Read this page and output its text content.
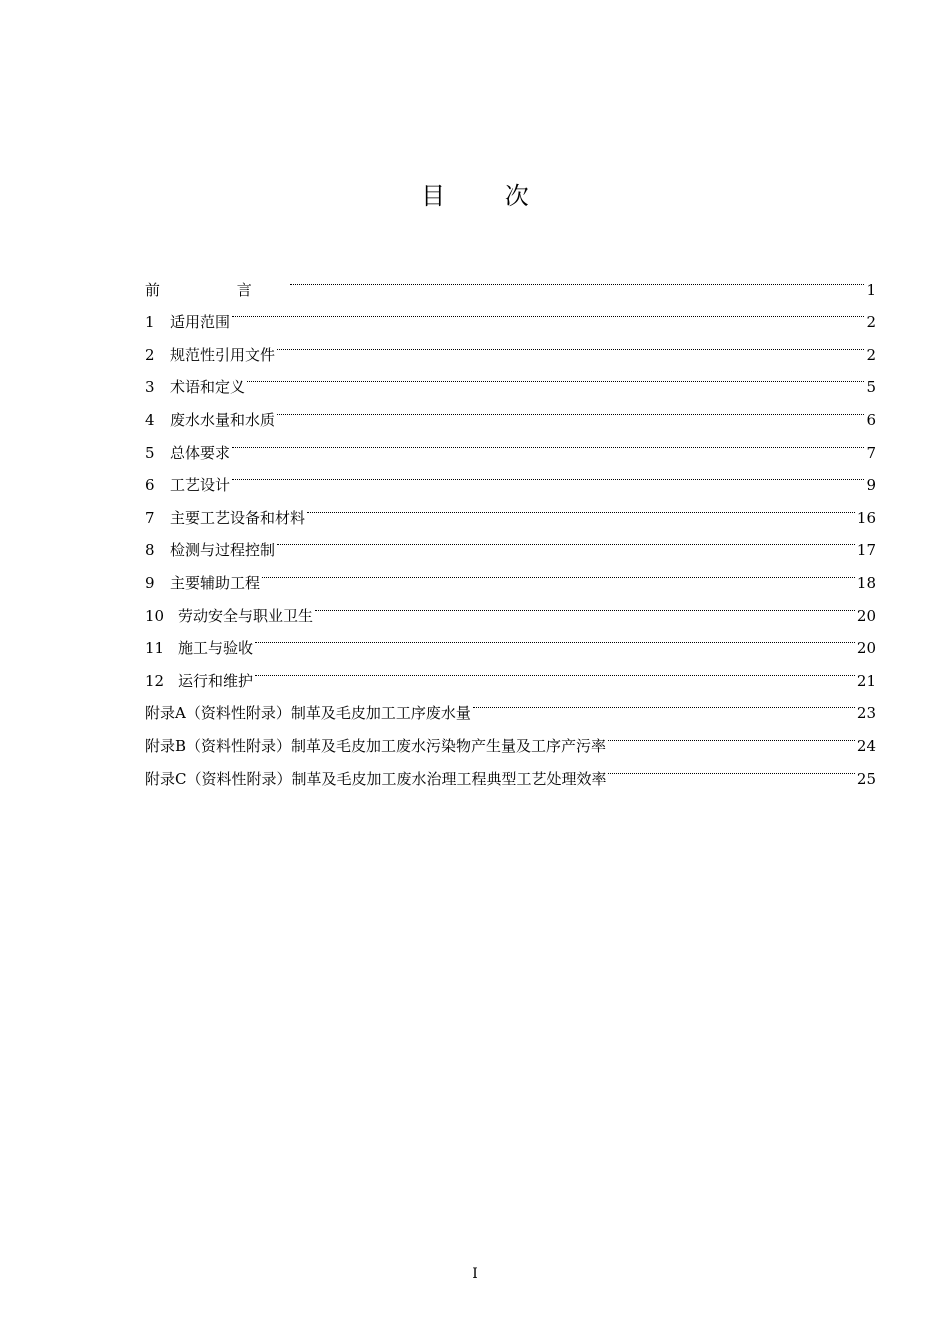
目 次
前 言	1
1	适用范围	2
2	规范性引用文件	2
3	术语和定义	5
4	废水水量和水质	6
5	总体要求	7
6	工艺设计	9
7	主要工艺设备和材料	16
8	检测与过程控制	17
9	主要辅助工程	18
10 劳动安全与职业卫生	20
11 施工与验收	20
12 运行和维护	21
附录A（资料性附录）制革及毛皮加工工序废水量	23
附录B（资料性附录）制革及毛皮加工废水污染物产生量及工序产污率	24
附录C（资料性附录）制革及毛皮加工废水治理工程典型工艺处理效率	25
I
